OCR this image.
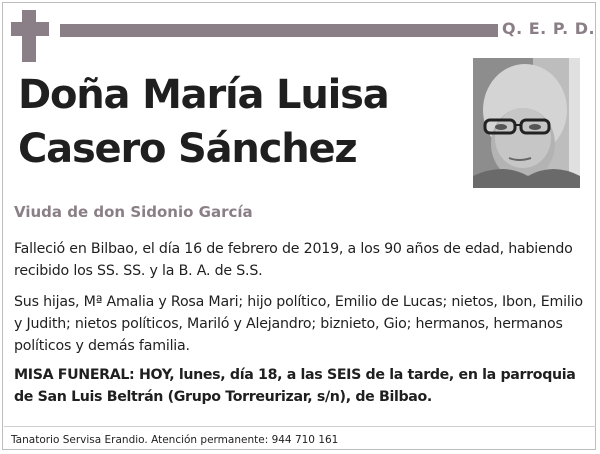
Q. E. P. D.
Doña María Luisa
Casero Sánchez

Viuda de don Sidonio García

Falleció en Bilbao, el día 16 de febrero de 2019, a los 90 años de edad, habiendo recibido los SS. SS. y la B. A. de S.S.

Sus hijas, Mª Amalia y Rosa Mari; hijo político, Emilio de Lucas; nietos, Ibon, Emilio y Judith; nietos políticos, Mariló y Alejandro; biznieto, Gio; hermanos, hermanos políticos y demás familia.

MISA FUNERAL: HOY, lunes, día 18, a las SEIS de la tarde, en la parroquia de San Luis Beltrán (Grupo Torreurizar, s/n), de Bilbao.

Tanatorio Servisa Erandio. Atención permanente: 944 710 161
